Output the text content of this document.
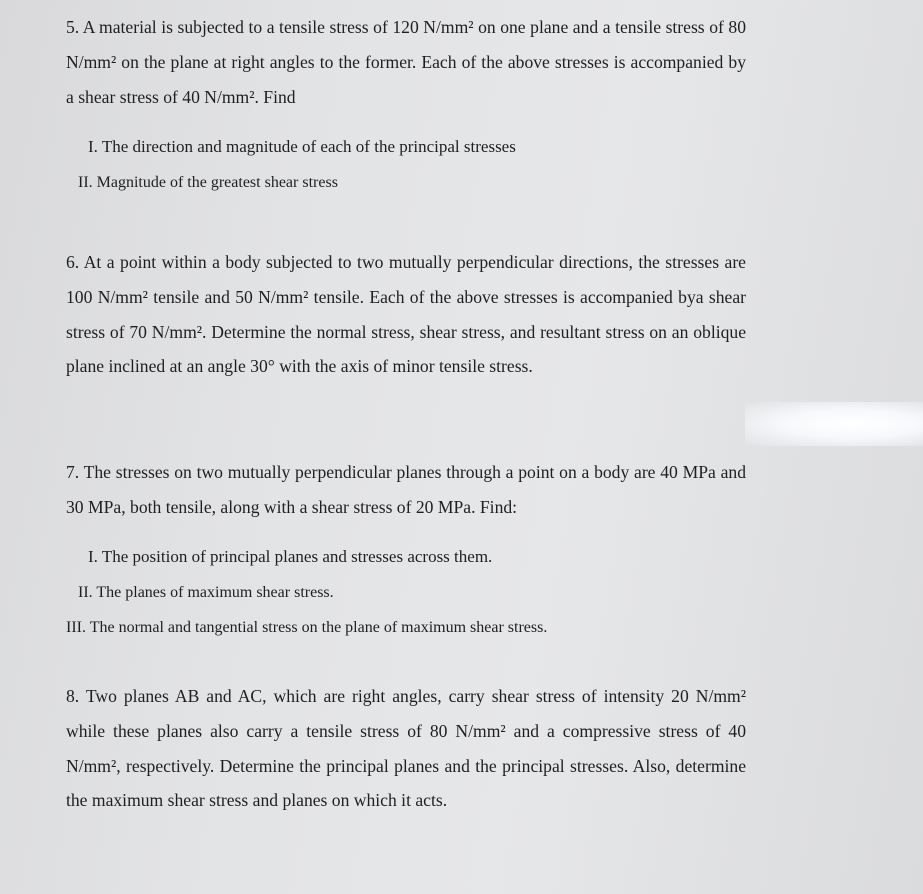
5. A material is subjected to a tensile stress of 120 N/mm² on one plane and a tensile stress of 80 N/mm² on the plane at right angles to the former. Each of the above stresses is accompanied by a shear stress of 40 N/mm². Find

I. The direction and magnitude of each of the principal stresses

II. Magnitude of the greatest shear stress

6. At a point within a body subjected to two mutually perpendicular directions, the stresses are 100 N/mm² tensile and 50 N/mm² tensile. Each of the above stresses is accompanied bya shear stress of 70 N/mm². Determine the normal stress, shear stress, and resultant stress on an oblique plane inclined at an angle 30° with the axis of minor tensile stress.

7. The stresses on two mutually perpendicular planes through a point on a body are 40 MPa and 30 MPa, both tensile, along with a shear stress of 20 MPa. Find:

I. The position of principal planes and stresses across them.

II. The planes of maximum shear stress.

III. The normal and tangential stress on the plane of maximum shear stress.

8. Two planes AB and AC, which are right angles, carry shear stress of intensity 20 N/mm² while these planes also carry a tensile stress of 80 N/mm² and a compressive stress of 40 N/mm², respectively. Determine the principal planes and the principal stresses. Also, determine the maximum shear stress and planes on which it acts.
